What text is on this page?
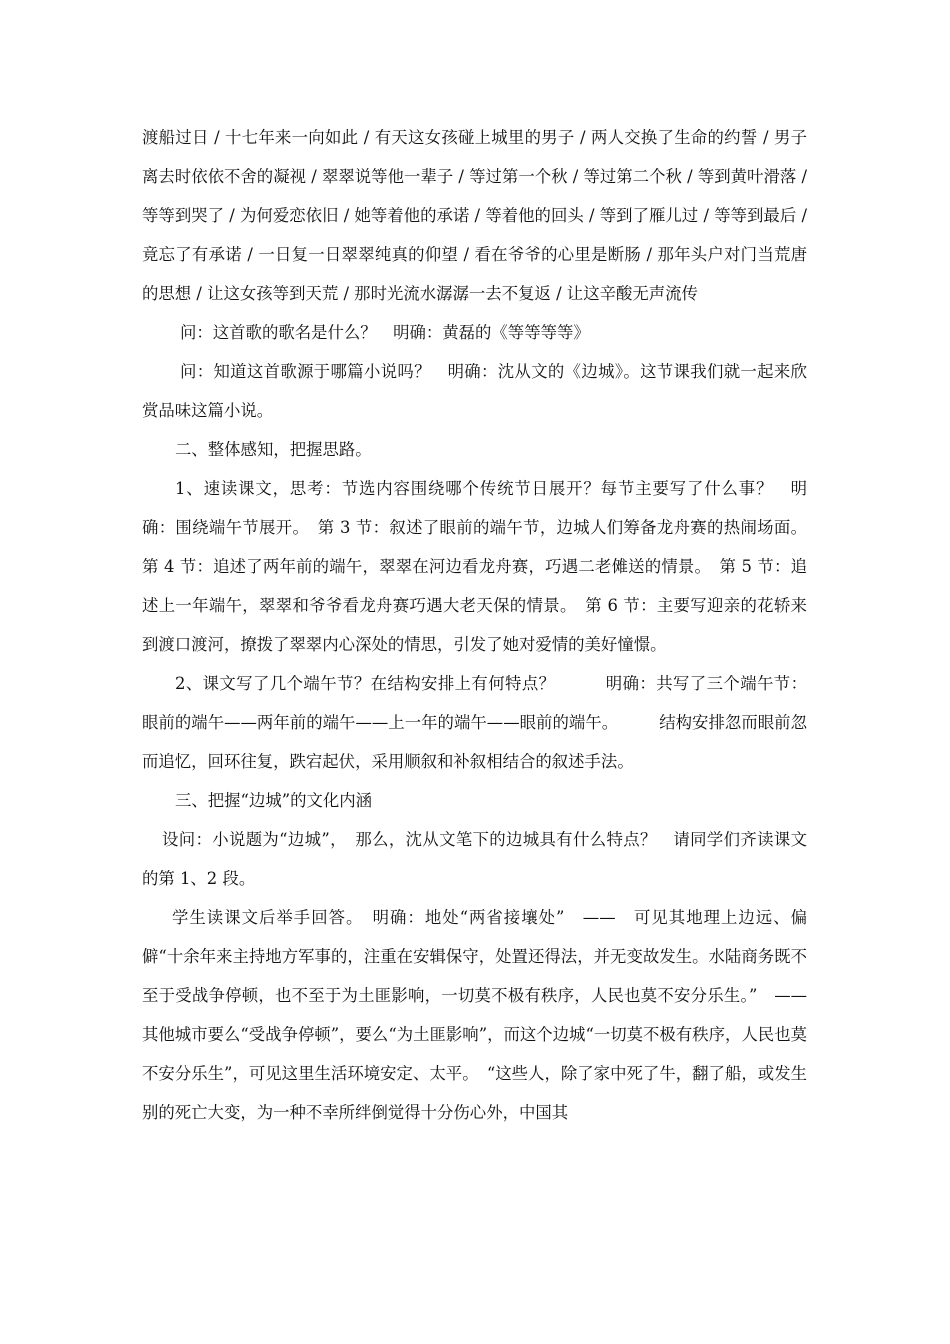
渡船过日 / 十七年来一向如此 / 有天这女孩碰上城里的男子 / 两人交换了生命的约誓 / 男子离去时依依不舍的凝视 / 翠翠说等他一辈子 / 等过第一个秋 / 等过第二个秋 / 等到黄叶滑落 / 等等到哭了 / 为何爱恋依旧 / 她等着他的承诺 / 等着他的回头 / 等到了雁儿过 / 等等到最后 / 竟忘了有承诺 / 一日复一日翠翠纯真的仰望 / 看在爷爷的心里是断肠 / 那年头户对门当荒唐的思想 / 让这女孩等到天荒 / 那时光流水潺潺一去不复返 / 让这辛酸无声流传

问：这首歌的歌名是什么？　明确：黄磊的《等等等等》

问：知道这首歌源于哪篇小说吗？　明确：沈从文的《边城》。这节课我们就一起来欣赏品味这篇小说。

二、整体感知，把握思路。

1、速读课文，思考：节选内容围绕哪个传统节日展开？每节主要写了什么事？　明确：围绕端午节展开。　第 3 节：叙述了眼前的端午节，边城人们筹备龙舟赛的热闹场面。第 4 节：追述了两年前的端午，翠翠在河边看龙舟赛，巧遇二老傩送的情景。　第 5 节：追述上一年端午，翠翠和爷爷看龙舟赛巧遇大老天保的情景。　第 6 节：主要写迎亲的花轿来到渡口渡河，撩拨了翠翠内心深处的情思，引发了她对爱情的美好憧憬。

2、课文写了几个端午节？在结构安排上有何特点？　　　明确：共写了三个端午节：眼前的端午——两年前的端午——上一年的端午——眼前的端午。　　　结构安排忽而眼前忽而追忆，回环往复，跌宕起伏，采用顺叙和补叙相结合的叙述手法。

三、把握“边城”的文化内涵

设问：小说题为“边城”，　那么，沈从文笔下的边城具有什么特点？　请同学们齐读课文的第 1、2 段。

学生读课文后举手回答。　明确：地处“两省接壤处”　——　可见其地理上边远、偏僻“十余年来主持地方军事的，注重在安辑保守，处置还得法，并无变故发生。水陆商务既不至于受战争停顿，也不至于为土匪影响，一切莫不极有秩序，人民也莫不安分乐生。”　——其他城市要么“受战争停顿”，要么“为土匪影响”，而这个边城“一切莫不极有秩序，人民也莫不安分乐生”，可见这里生活环境安定、太平。　“这些人，除了家中死了牛，翻了船，或发生别的死亡大变，为一种不幸所绊倒觉得十分伤心外，中国其
